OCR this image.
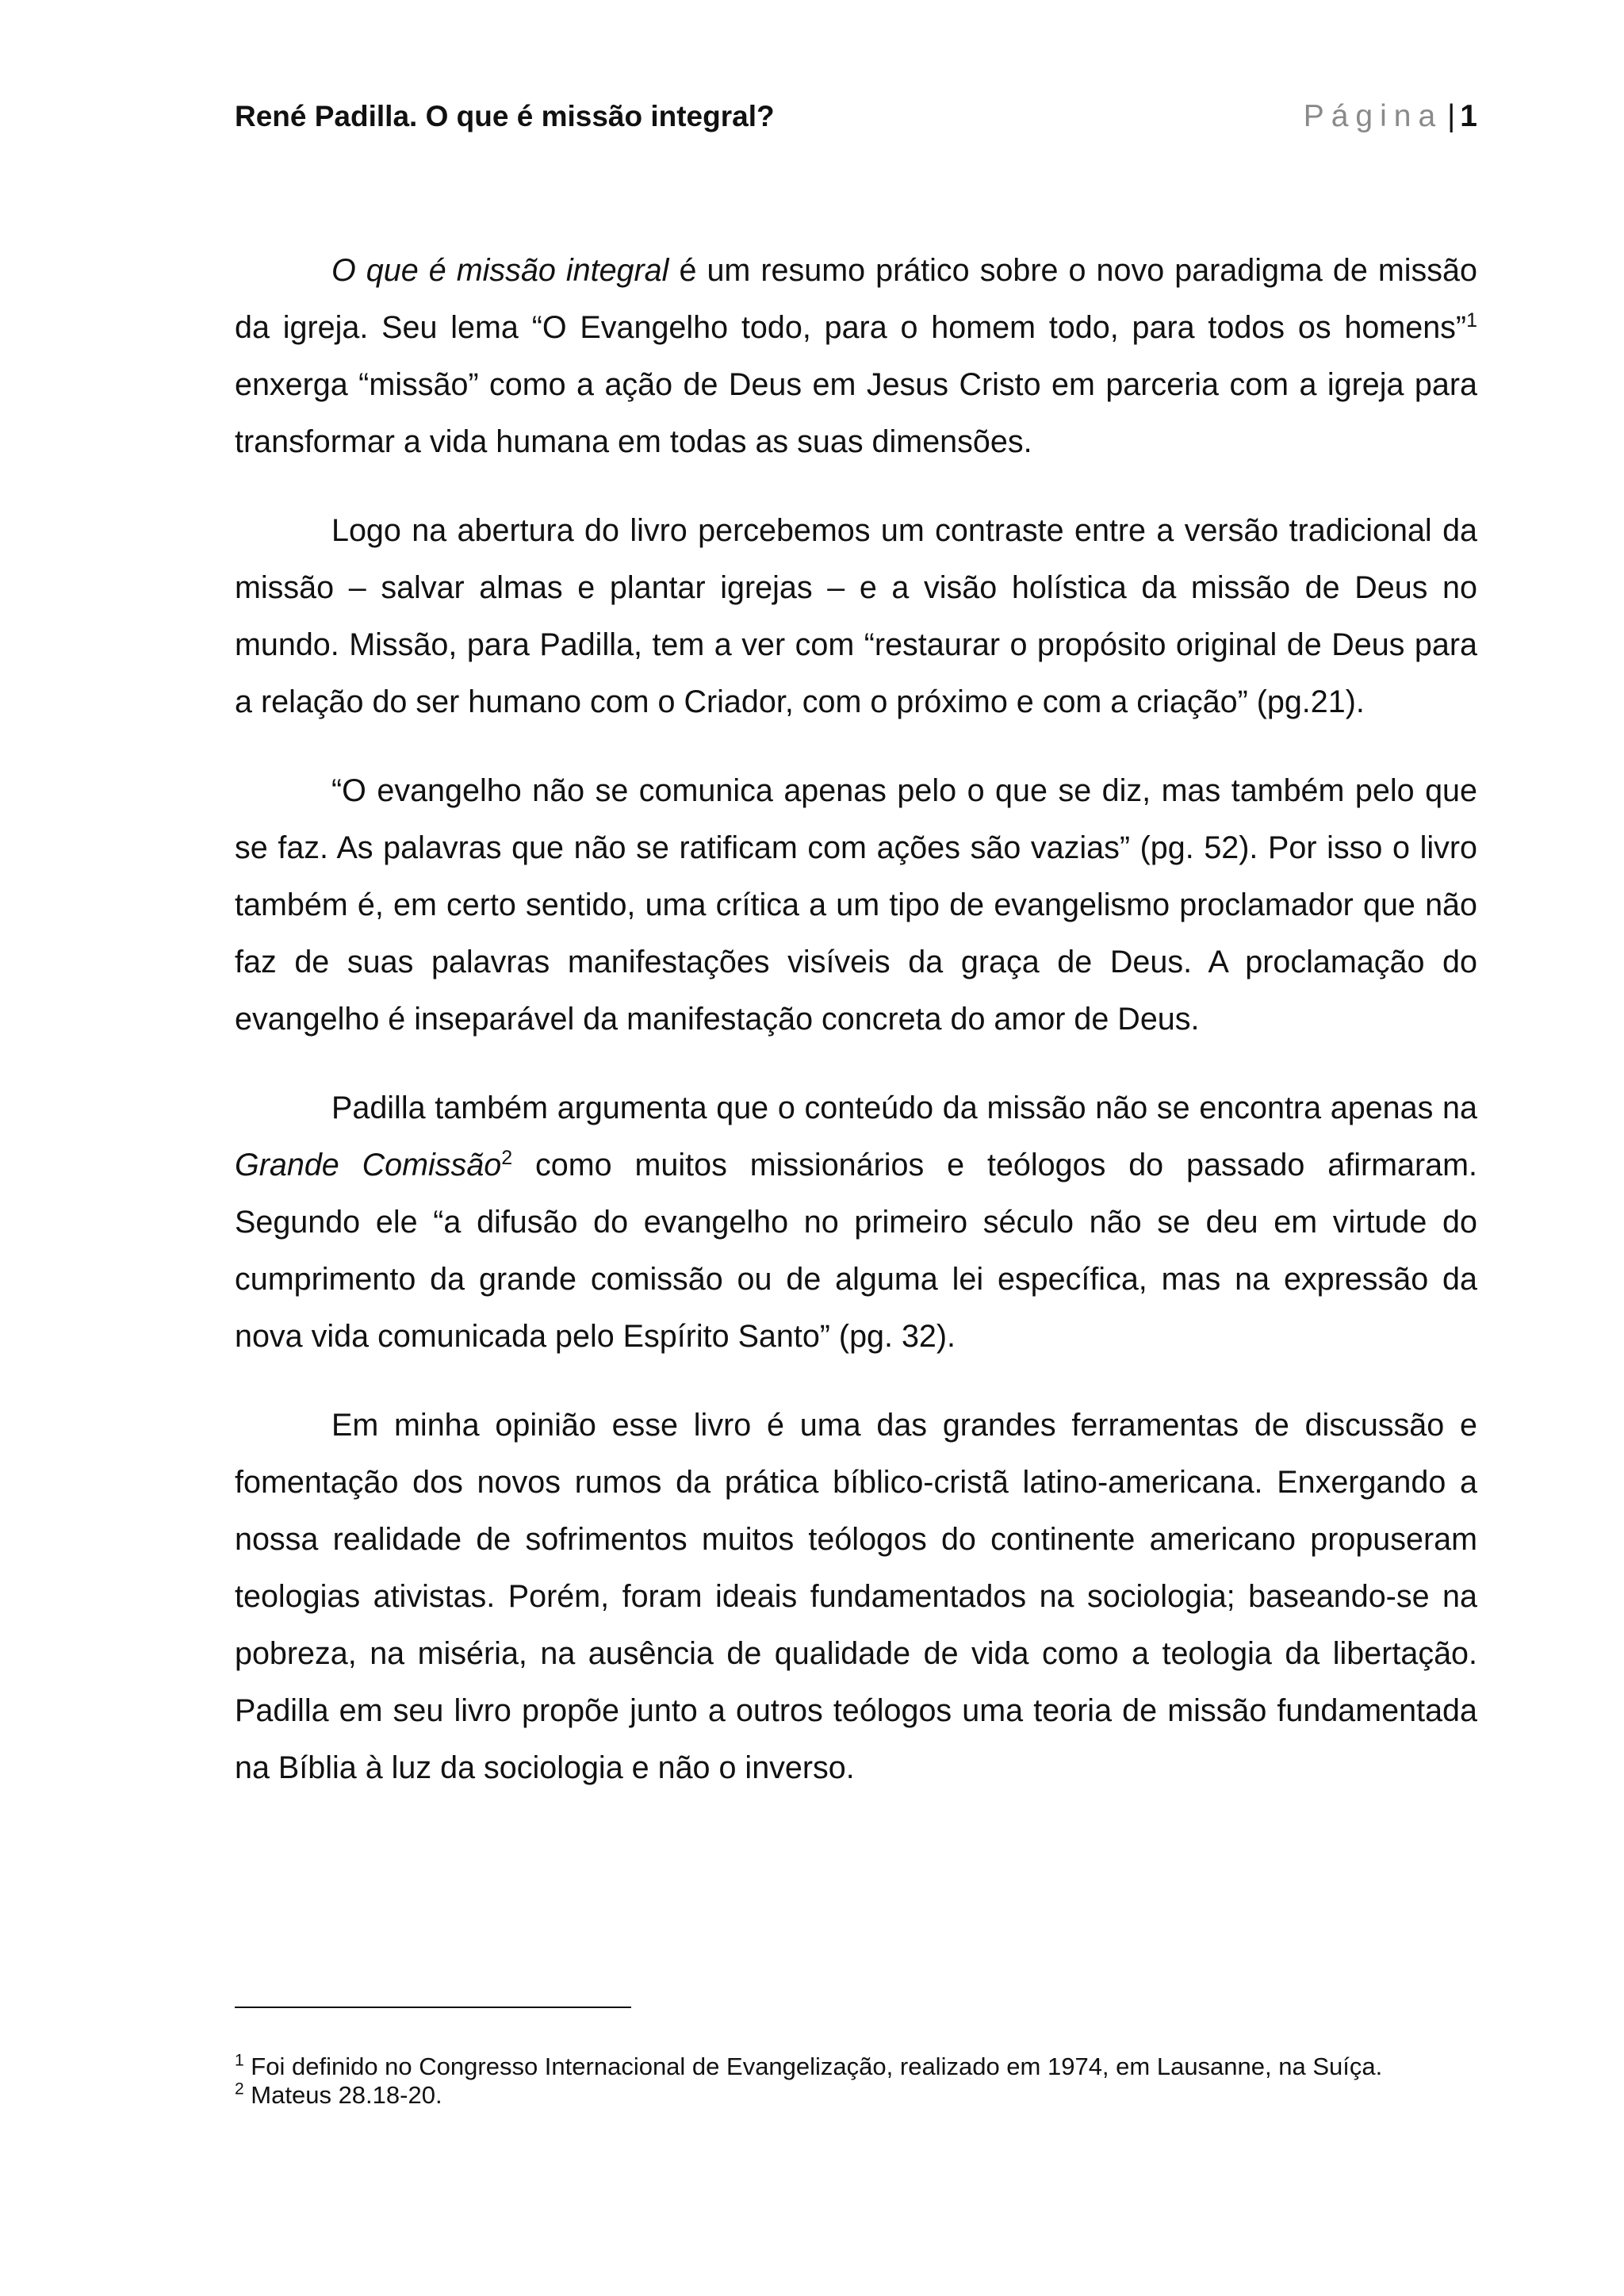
René Padilla. O que é missão integral?	Página | 1

O que é missão integral é um resumo prático sobre o novo paradigma de missão da igreja. Seu lema “O Evangelho todo, para o homem todo, para todos os homens”$^1$ enxerga “missão” como a ação de Deus em Jesus Cristo em parceria com a igreja para transformar a vida humana em todas as suas dimensões.

Logo na abertura do livro percebemos um contraste entre a versão tradicional da missão – salvar almas e plantar igrejas – e a visão holística da missão de Deus no mundo. Missão, para Padilla, tem a ver com “restaurar o propósito original de Deus para a relação do ser humano com o Criador, com o próximo e com a criação” (pg.21).

“O evangelho não se comunica apenas pelo o que se diz, mas também pelo que se faz. As palavras que não se ratificam com ações são vazias” (pg. 52). Por isso o livro também é, em certo sentido, uma crítica a um tipo de evangelismo proclamador que não faz de suas palavras manifestações visíveis da graça de Deus. A proclamação do evangelho é inseparável da manifestação concreta do amor de Deus.

Padilla também argumenta que o conteúdo da missão não se encontra apenas na Grande Comissão$^2$ como muitos missionários e teólogos do passado afirmaram. Segundo ele “a difusão do evangelho no primeiro século não se deu em virtude do cumprimento da grande comissão ou de alguma lei específica, mas na expressão da nova vida comunicada pelo Espírito Santo” (pg. 32).

Em minha opinião esse livro é uma das grandes ferramentas de discussão e fomentação dos novos rumos da prática bíblico-cristã latino-americana. Enxergando a nossa realidade de sofrimentos muitos teólogos do continente americano propuseram teologias ativistas. Porém, foram ideais fundamentados na sociologia; baseando-se na pobreza, na miséria, na ausência de qualidade de vida como a teologia da libertação. Padilla em seu livro propõe junto a outros teólogos uma teoria de missão fundamentada na Bíblia à luz da sociologia e não o inverso.

$^1$ Foi definido no Congresso Internacional de Evangelização, realizado em 1974, em Lausanne, na Suíça.

$^2$ Mateus 28.18-20.
